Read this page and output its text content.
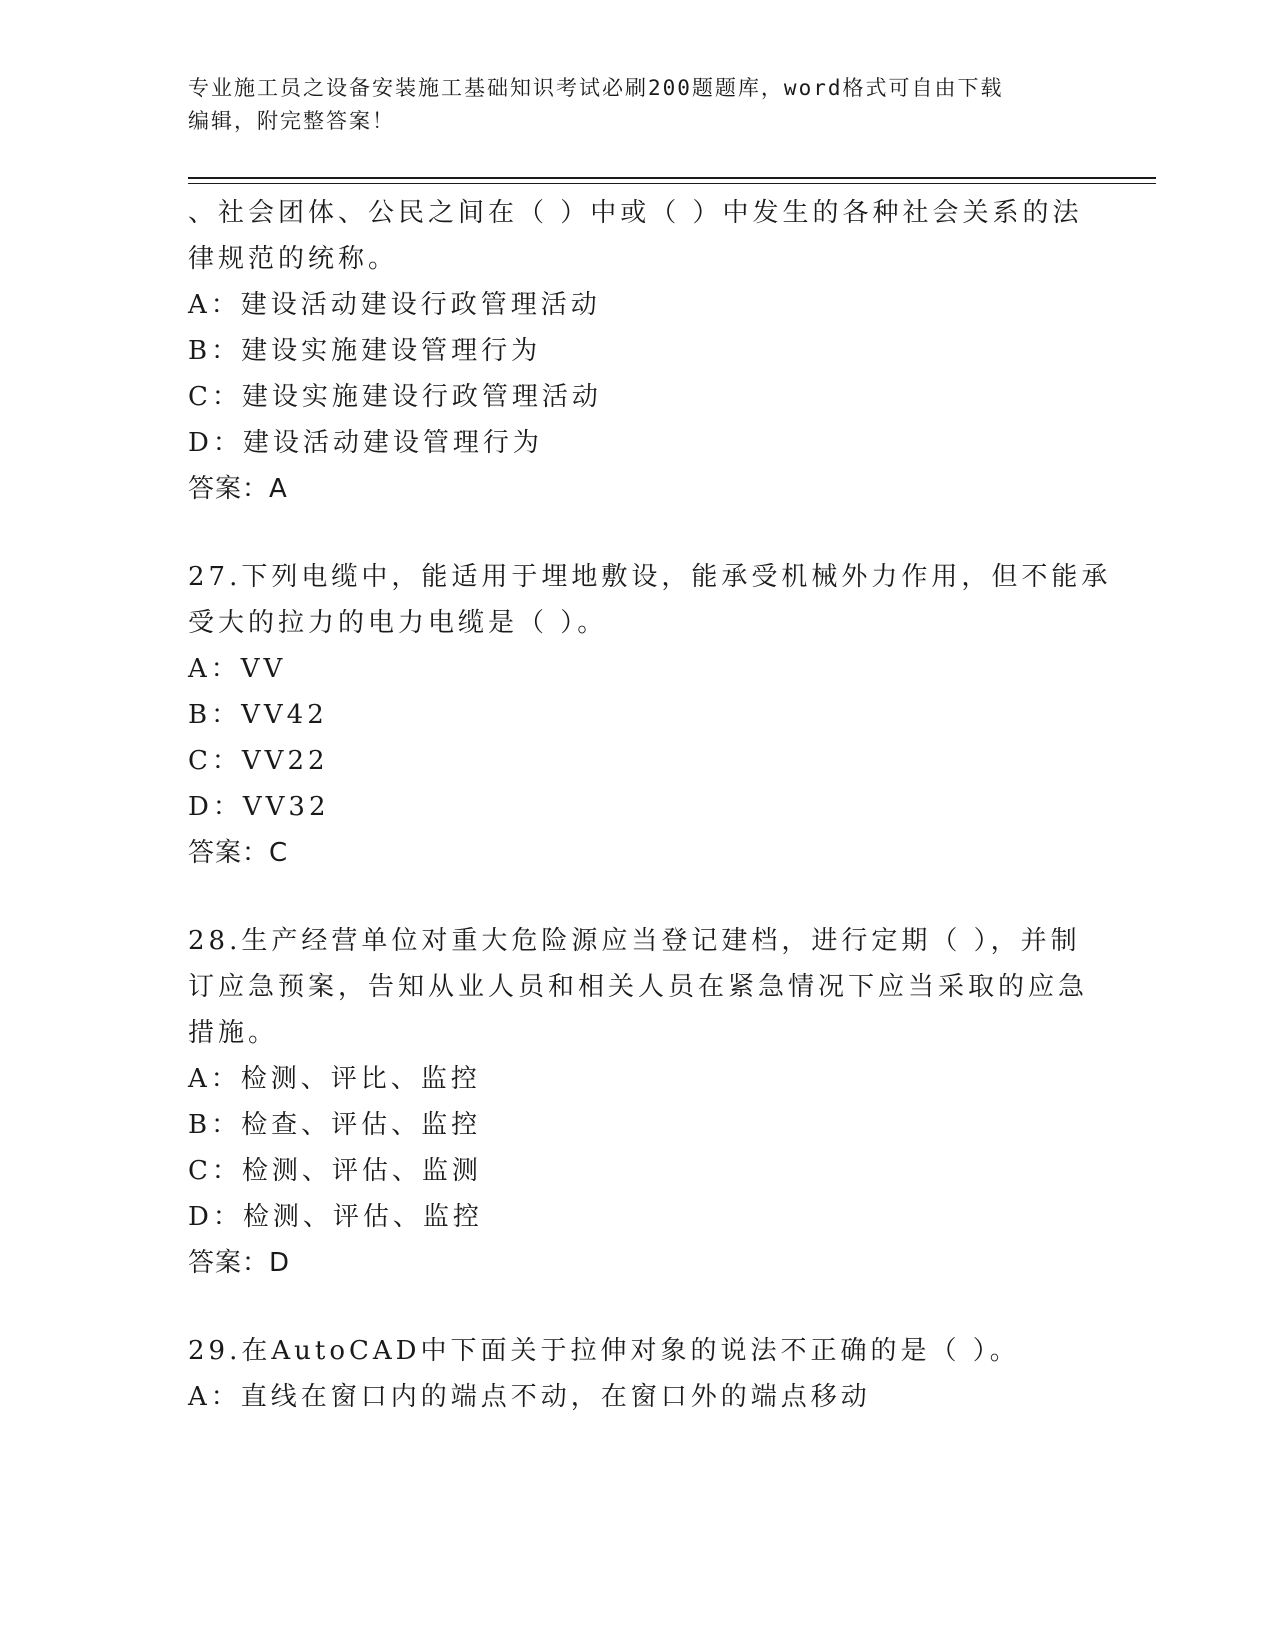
专业施工员之设备安装施工基础知识考试必刷200题题库，word格式可自由下载
编辑，附完整答案！
、社会团体、公民之间在（ ）中或（ ）中发生的各种社会关系的法
律规范的统称。
A：建设活动建设行政管理活动
B：建设实施建设管理行为
C：建设实施建设行政管理活动
D：建设活动建设管理行为
答案：A
27.下列电缆中，能适用于埋地敷设，能承受机械外力作用，但不能承
受大的拉力的电力电缆是（ ）。
A：VV
B：VV42
C：VV22
D：VV32
答案：C
28.生产经营单位对重大危险源应当登记建档，进行定期（ ），并制
订应急预案，告知从业人员和相关人员在紧急情况下应当采取的应急
措施。
A：检测、评比、监控
B：检查、评估、监控
C：检测、评估、监测
D：检测、评估、监控
答案：D
29.在AutoCAD中下面关于拉伸对象的说法不正确的是（ ）。
A：直线在窗口内的端点不动，在窗口外的端点移动
